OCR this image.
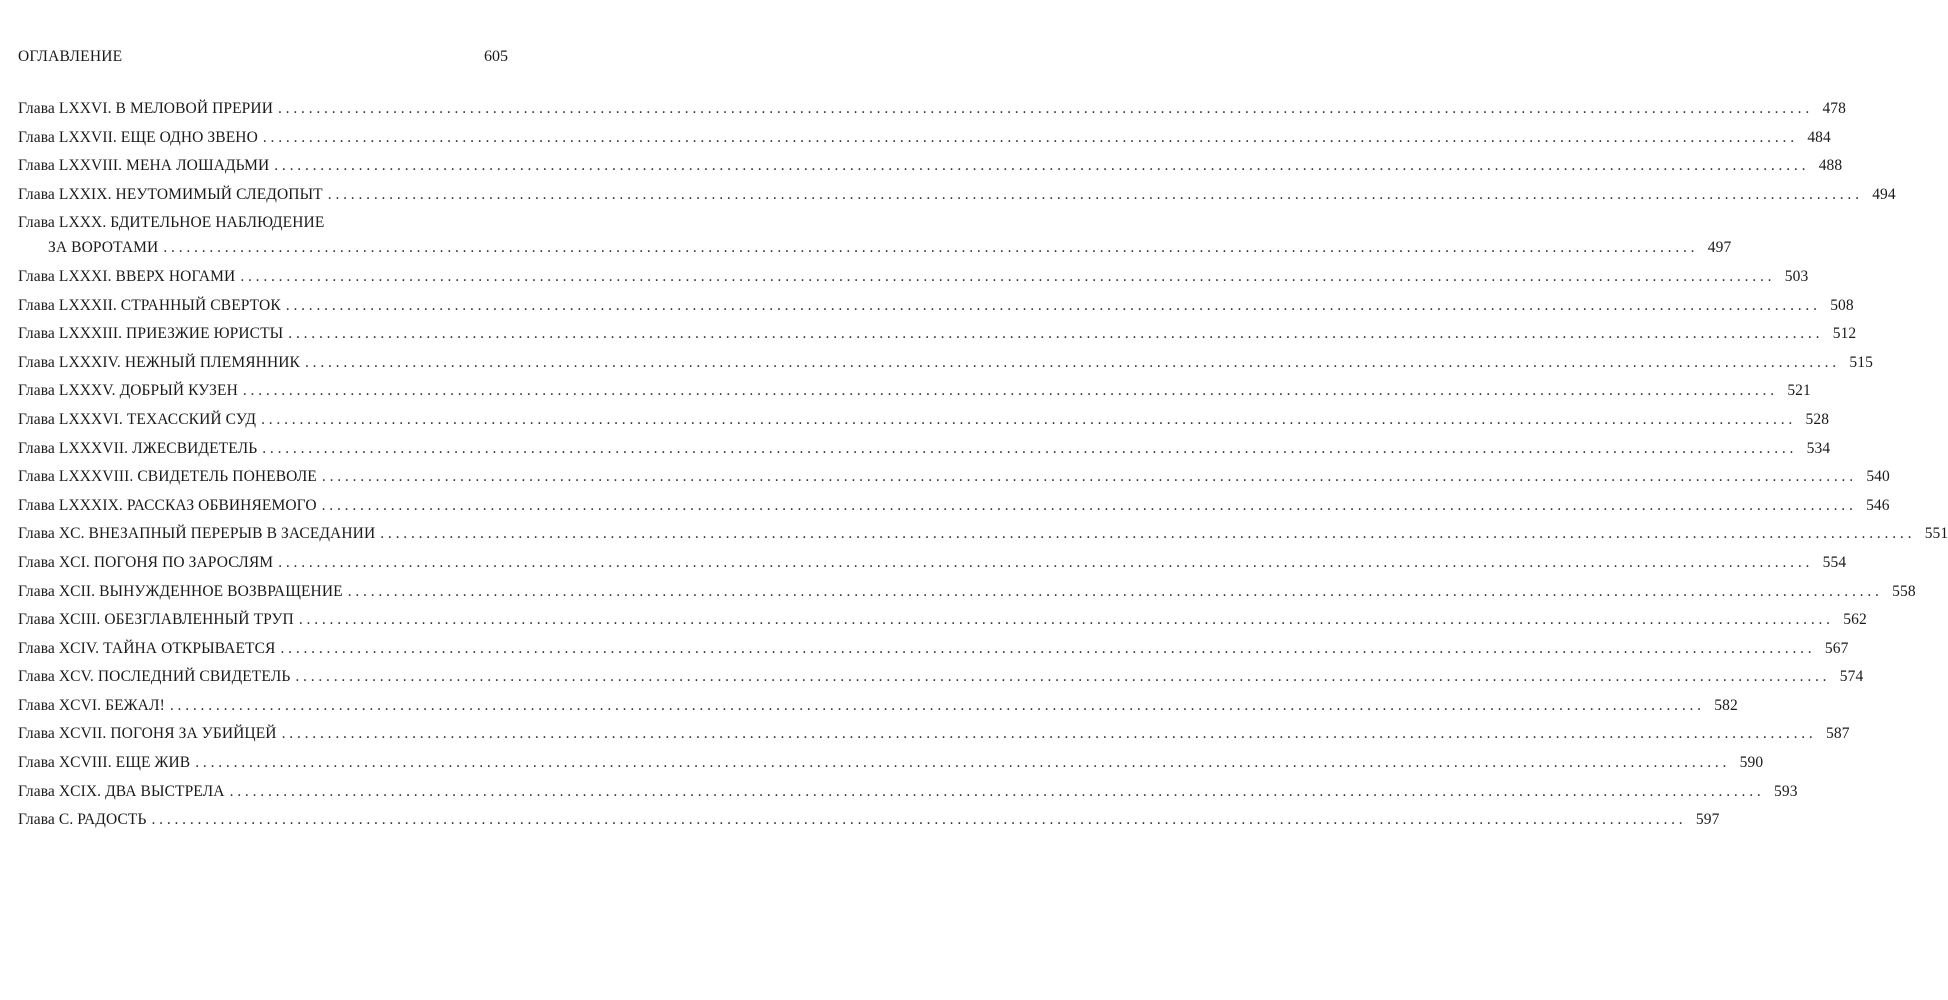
ОГЛАВЛЕНИЕ	605
Глава LXXVI. В МЕЛОВОЙ ПРЕРИИ ........................................................................................................................................................................................................ 478
Глава LXXVII. ЕЩЕ ОДНО ЗВЕНО ........................................................................................................................................................................................................ 484
Глава LXXVIII. МЕНА ЛОШАДЬМИ ........................................................................................................................................................................................................ 488
Глава LXXIX. НЕУТОМИМЫЙ СЛЕДОПЫТ ........................................................................................................................................................................................................ 494
Глава LXXX. БДИТЕЛЬНОЕ НАБЛЮДЕНИЕ
ЗА ВОРОТАМИ ........................................................................................................................................................................................................ 497
Глава LXXXI. ВВЕРХ НОГАМИ ........................................................................................................................................................................................................ 503
Глава LXXXII. СТРАННЫЙ СВЕРТОК ........................................................................................................................................................................................................ 508
Глава LXXXIII. ПРИЕЗЖИЕ ЮРИСТЫ ........................................................................................................................................................................................................ 512
Глава LXXXIV. НЕЖНЫЙ ПЛЕМЯННИК ........................................................................................................................................................................................................ 515
Глава LXXXV. ДОБРЫЙ КУЗЕН ........................................................................................................................................................................................................ 521
Глава LXXXVI. ТЕХАССКИЙ СУД ........................................................................................................................................................................................................ 528
Глава LXXXVII. ЛЖЕСВИДЕТЕЛЬ ........................................................................................................................................................................................................ 534
Глава LXXXVIII. СВИДЕТЕЛЬ ПОНЕВОЛЕ ........................................................................................................................................................................................................ 540
Глава LXXXIX. РАССКАЗ ОБВИНЯЕМОГО ........................................................................................................................................................................................................ 546
Глава XC. ВНЕЗАПНЫЙ ПЕРЕРЫВ В ЗАСЕДАНИИ ........................................................................................................................................................................................................ 551
Глава XCI. ПОГОНЯ ПО ЗАРОСЛЯМ ........................................................................................................................................................................................................ 554
Глава XCII. ВЫНУЖДЕННОЕ ВОЗВРАЩЕНИЕ ........................................................................................................................................................................................................ 558
Глава XCIII. ОБЕЗГЛАВЛЕННЫЙ ТРУП ........................................................................................................................................................................................................ 562
Глава XCIV. ТАЙНА ОТКРЫВАЕТСЯ ........................................................................................................................................................................................................ 567
Глава XCV. ПОСЛЕДНИЙ СВИДЕТЕЛЬ ........................................................................................................................................................................................................ 574
Глава XCVI. БЕЖАЛ! ........................................................................................................................................................................................................ 582
Глава XCVII. ПОГОНЯ ЗА УБИЙЦЕЙ ........................................................................................................................................................................................................ 587
Глава XCVIII. ЕЩЕ ЖИВ ........................................................................................................................................................................................................ 590
Глава XCIX. ДВА ВЫСТРЕЛА ........................................................................................................................................................................................................ 593
Глава С. РАДОСТЬ ........................................................................................................................................................................................................ 597
